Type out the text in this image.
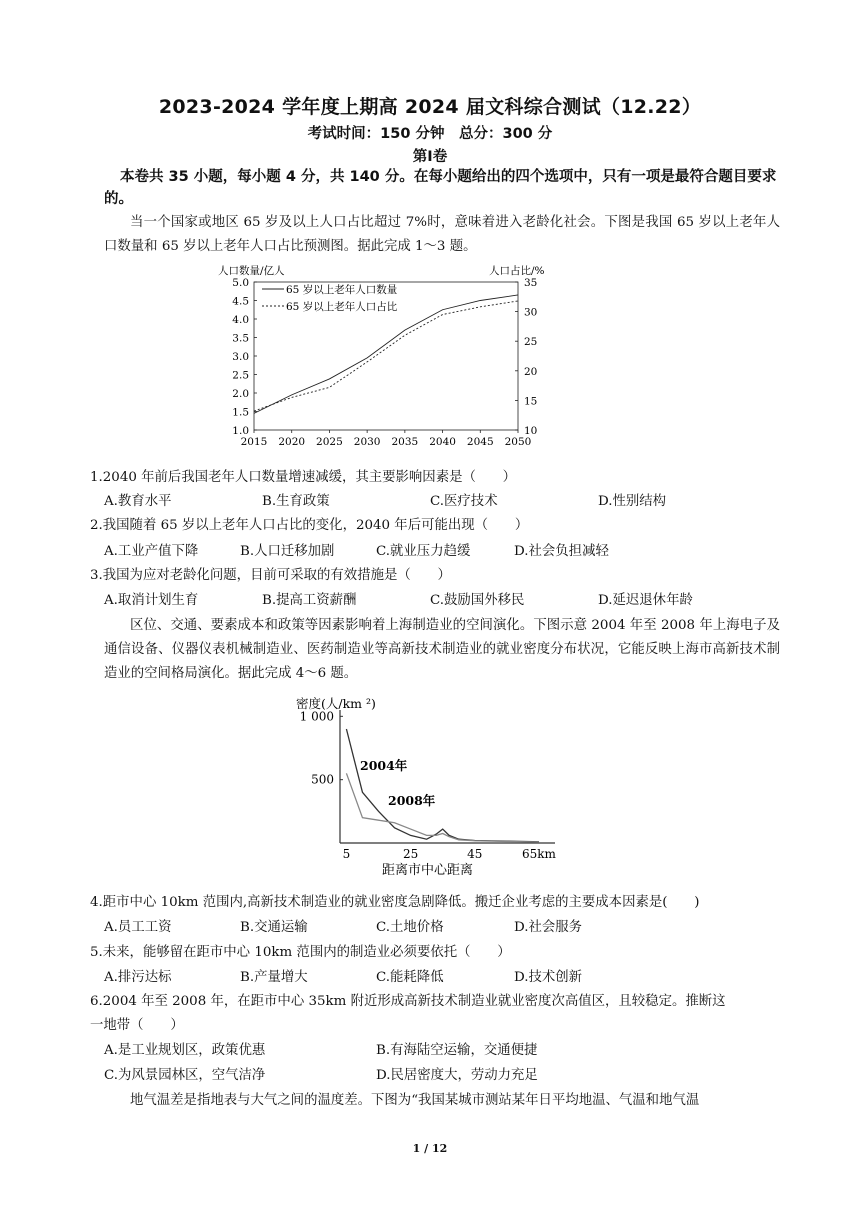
2023-2024 学年度上期高 2024 届文科综合测试（12.22）
考试时间：150 分钟　总分：300 分
第Ⅰ卷
本卷共 35 小题，每小题 4 分，共 140 分。在每小题给出的四个选项中，只有一项是最符合题目要求的。
当一个国家或地区 65 岁及以上人口占比超过 7%时，意味着进入老龄化社会。下图是我国 65 岁以上老年人口数量和 65 岁以上老年人口占比预测图。据此完成 1～3 题。
人口数量/亿人	人口占比/%
2015 2020 2025 2030 2035 2040 2045 2050
1.0
1.5
2.0
2.5
3.0
3.5
4.0
4.5
5.0
10
15
20
25
30
35
65 岁以上老年人口数量
65 岁以上老年人口占比
1.2040 年前后我国老年人口数量增速减缓，其主要影响因素是（　　）
A.教育水平	B.生育政策	C.医疗技术	D.性别结构
2.我国随着 65 岁以上老年人口占比的变化，2040 年后可能出现（　　）
A.工业产值下降	B.人口迁移加剧	C.就业压力趋缓	D.社会负担减轻
3.我国为应对老龄化问题，目前可采取的有效措施是（　　）
A.取消计划生育	B.提高工资薪酬	C.鼓励国外移民	D.延迟退休年龄
区位、交通、要素成本和政策等因素影响着上海制造业的空间演化。下图示意 2004 年至 2008 年上海电子及通信设备、仪器仪表机械制造业、医药制造业等高新技术制造业的就业密度分布状况，它能反映上海市高新技术制造业的空间格局演化。据此完成 4～6 题。
密度(人/km ²)
5	25	45	65km
500
1 000
2004年
2008年
距离市中心距离
4.距市中心 10km 范围内,高新技术制造业的就业密度急剧降低。搬迁企业考虑的主要成本因素是(　　)
A.员工工资	B.交通运输	C.土地价格	D.社会服务
5.未来，能够留在距市中心 10km 范围内的制造业必须要依托（　　）
A.排污达标	B.产量增大	C.能耗降低	D.技术创新
6.2004 年至 2008 年，在距市中心 35km 附近形成高新技术制造业就业密度次高值区，且较稳定。推断这
一地带（　　）
A.是工业规划区，政策优惠	B.有海陆空运输，交通便捷
C.为风景园林区，空气洁净	D.民居密度大，劳动力充足
地气温差是指地表与大气之间的温度差。下图为“我国某城市测站某年日平均地温、气温和地气温
1 / 12
